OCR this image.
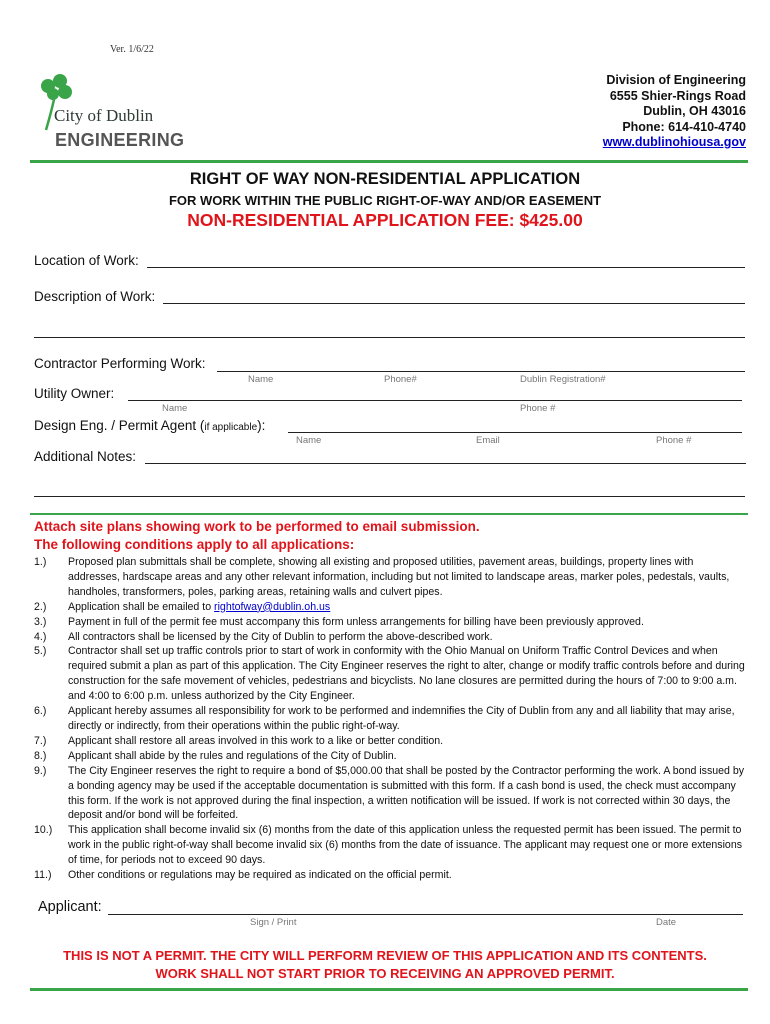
Ver. 1/6/22
City of Dublin
ENGINEERING
Division of Engineering
6555 Shier-Rings Road
Dublin, OH 43016
Phone: 614-410-4740
www.dublinohiousa.gov
RIGHT OF WAY NON-RESIDENTIAL APPLICATION
FOR WORK WITHIN THE PUBLIC RIGHT-OF-WAY AND/OR EASEMENT
NON-RESIDENTIAL APPLICATION FEE: $425.00
Location of Work:
Description of Work:
Contractor Performing Work:
Name	Phone#	Dublin Registration#
Utility Owner:
Name	Phone #
Design Eng. / Permit Agent (if applicable):
Name	Email	Phone #
Additional Notes:
Attach site plans showing work to be performed to email submission.
The following conditions apply to all applications:
1.)	Proposed plan submittals shall be complete, showing all existing and proposed utilities, pavement areas, buildings, property lines with addresses, hardscape areas and any other relevant information, including but not limited to landscape areas, marker poles, pedestals, vaults, handholes, transformers, poles, parking areas, retaining walls and culvert pipes.
2.)	Application shall be emailed to rightofway@dublin.oh.us
3.)	Payment in full of the permit fee must accompany this form unless arrangements for billing have been previously approved.
4.)	All contractors shall be licensed by the City of Dublin to perform the above-described work.
5.)	Contractor shall set up traffic controls prior to start of work in conformity with the Ohio Manual on Uniform Traffic Control Devices and when required submit a plan as part of this application. The City Engineer reserves the right to alter, change or modify traffic controls before and during construction for the safe movement of vehicles, pedestrians and bicyclists. No lane closures are permitted during the hours of 7:00 to 9:00 a.m. and 4:00 to 6:00 p.m. unless authorized by the City Engineer.
6.)	Applicant hereby assumes all responsibility for work to be performed and indemnifies the City of Dublin from any and all liability that may arise, directly or indirectly, from their operations within the public right-of-way.
7.)	Applicant shall restore all areas involved in this work to a like or better condition.
8.)	Applicant shall abide by the rules and regulations of the City of Dublin.
9.)	The City Engineer reserves the right to require a bond of $5,000.00 that shall be posted by the Contractor performing the work. A bond issued by a bonding agency may be used if the acceptable documentation is submitted with this form. If a cash bond is used, the check must accompany this form. If the work is not approved during the final inspection, a written notification will be issued. If work is not corrected within 30 days, the deposit and/or bond will be forfeited.
10.)	This application shall become invalid six (6) months from the date of this application unless the requested permit has been issued. The permit to work in the public right-of-way shall become invalid six (6) months from the date of issuance. The applicant may request one or more extensions of time, for periods not to exceed 90 days.
11.)	Other conditions or regulations may be required as indicated on the official permit.
Applicant:
Sign / Print	Date
THIS IS NOT A PERMIT. THE CITY WILL PERFORM REVIEW OF THIS APPLICATION AND ITS CONTENTS.
WORK SHALL NOT START PRIOR TO RECEIVING AN APPROVED PERMIT.
